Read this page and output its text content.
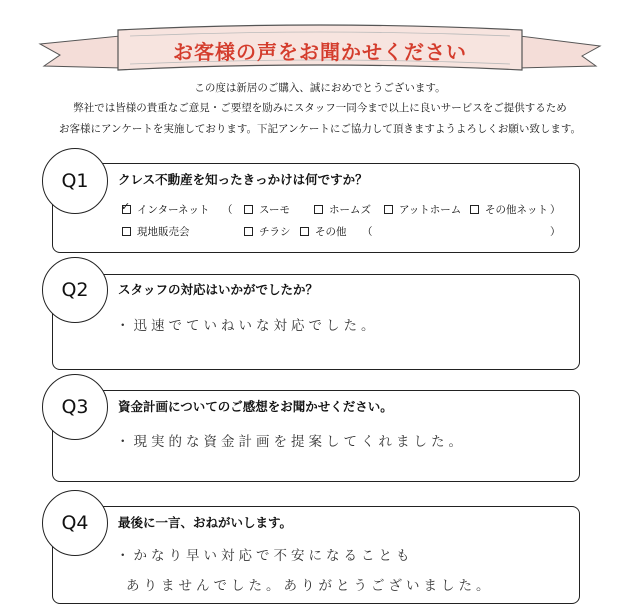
お客様の声をお聞かせください
この度は新居のご購入、誠におめでとうございます。
弊社では皆様の貴重なご意見・ご要望を励みにスタッフ一同今まで以上に良いサービスをご提供するため
お客様にアンケートを実施しております。下記アンケートにご協力して頂きますようよろしくお願い致します。
Q1	クレス不動産を知ったきっかけは何ですか？
✓ インターネット （	スーモ	ホームズ	アットホーム	その他ネット ）
現地販売会	チラシ	その他 （	）
Q2	スタッフの対応はいかがでしたか？
・迅速でていねいな対応でした。
Q3	資金計画についてのご感想をお聞かせください。
・現実的な資金計画を提案してくれました。
Q4	最後に一言、おねがいします。
・かなり早い対応で不安になることも
ありませんでした。ありがとうございました。
